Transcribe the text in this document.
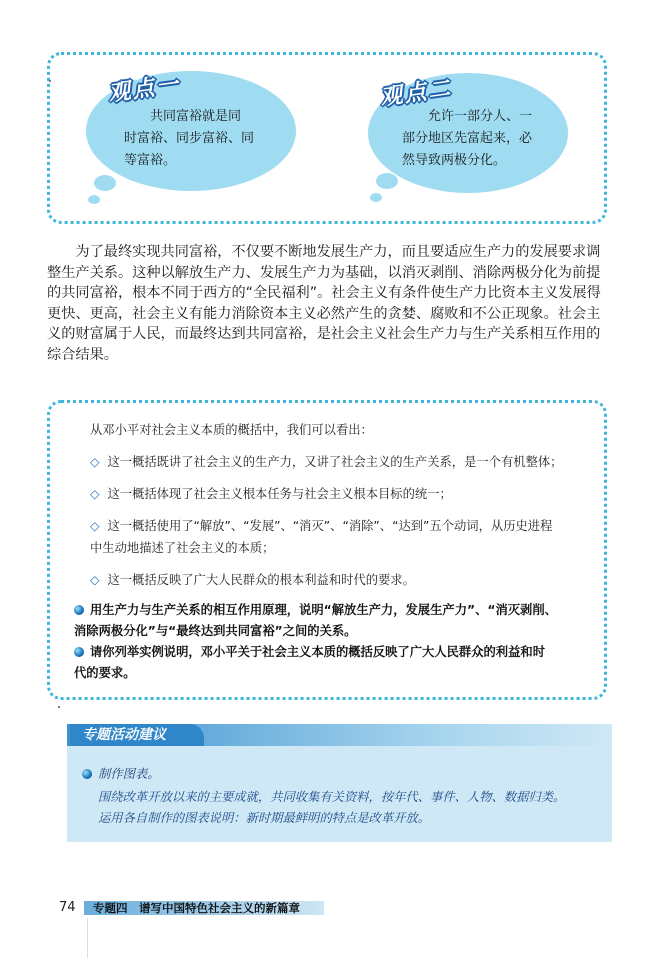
观点一
共同富裕就是同
时富裕、同步富裕、同
等富裕。
观点二
允许一部分人、一
部分地区先富起来，必
然导致两极分化。

为了最终实现共同富裕，不仅要不断地发展生产力，而且要适应生产力的发展要求调整生产关系。这种以解放生产力、发展生产力为基础，以消灭剥削、消除两极分化为前提的共同富裕，根本不同于西方的“全民福利”。社会主义有条件使生产力比资本主义发展得更快、更高，社会主义有能力消除资本主义必然产生的贪婪、腐败和不公正现象。社会主义的财富属于人民，而最终达到共同富裕，是社会主义社会生产力与生产关系相互作用的综合结果。

从邓小平对社会主义本质的概括中，我们可以看出：

◇ 这一概括既讲了社会主义的生产力，又讲了社会主义的生产关系，是一个有机整体；

◇ 这一概括体现了社会主义根本任务与社会主义根本目标的统一；

◇ 这一概括使用了“解放”、“发展”、“消灭”、“消除”、“达到”五个动词，从历史进程

中生动地描述了社会主义的本质；

◇ 这一概括反映了广大人民群众的根本利益和时代的要求。

用生产力与生产关系的相互作用原理，说明“解放生产力，发展生产力”、“消灭剥削、

消除两极分化”与“最终达到共同富裕”之间的关系。

请你列举实例说明，邓小平关于社会主义本质的概括反映了广大人民群众的利益和时

代的要求。

专题活动建议

制作图表。

围绕改革开放以来的主要成就，共同收集有关资料，按年代、事件、人物、数据归类。

运用各自制作的图表说明：新时期最鲜明的特点是改革开放。

74 专题四　谱写中国特色社会主义的新篇章
